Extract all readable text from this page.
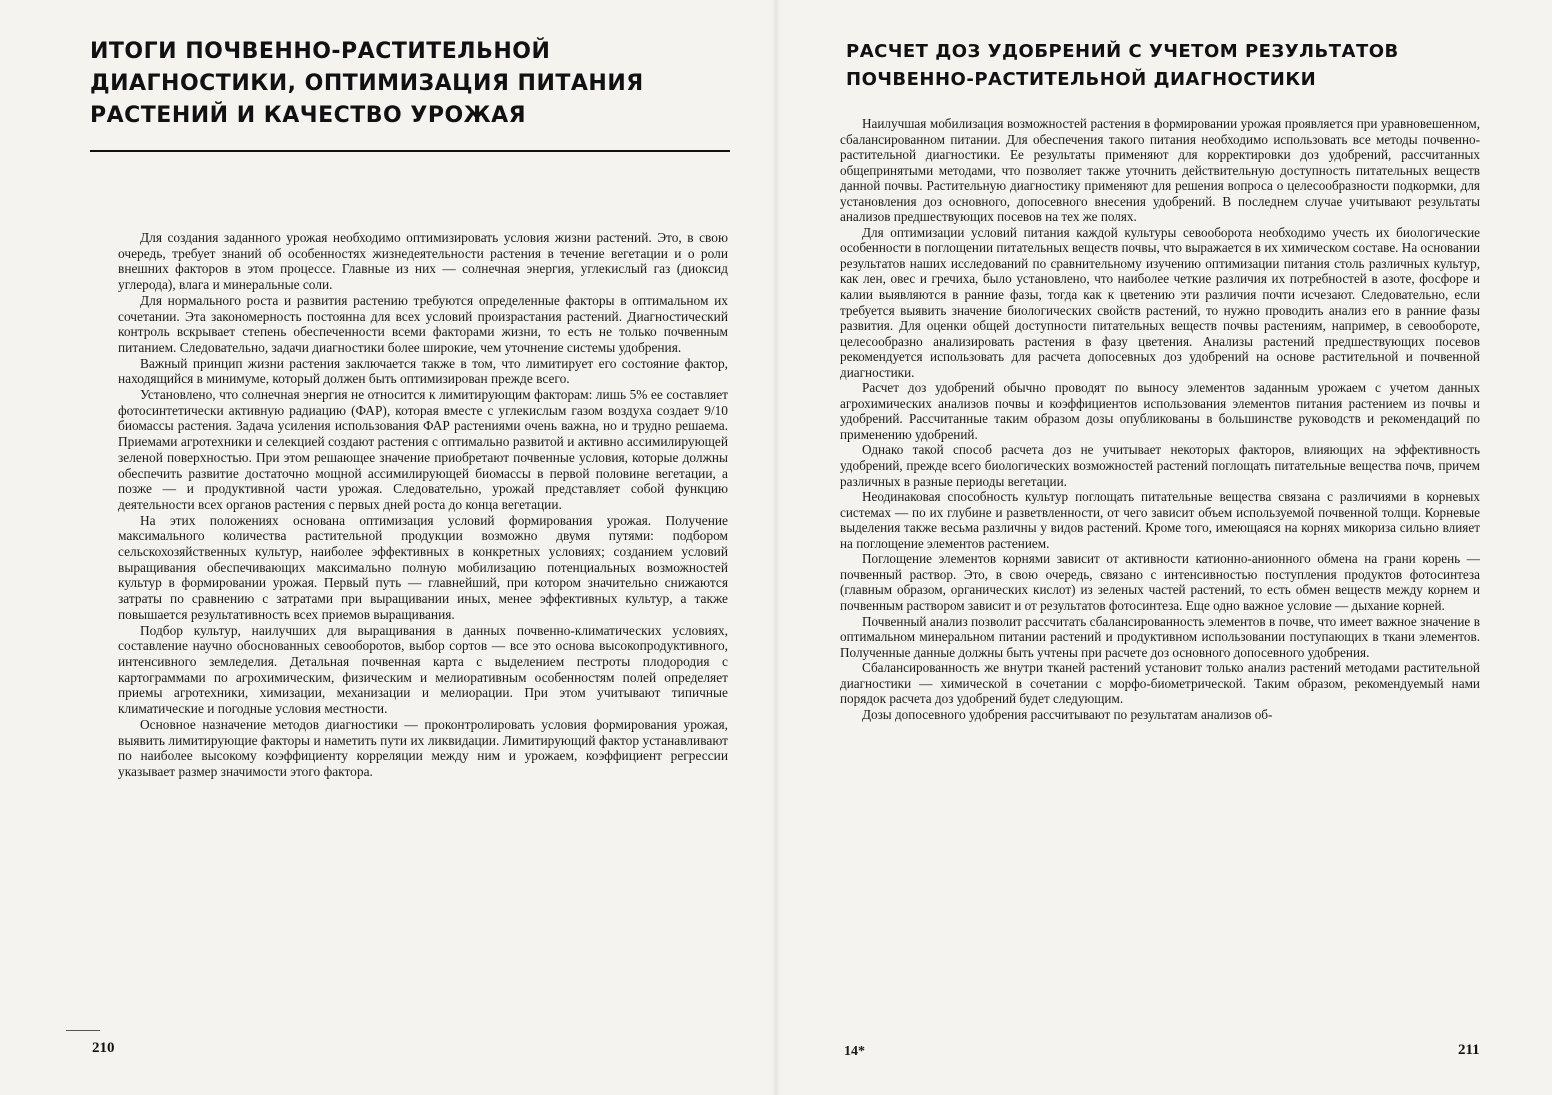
ИТОГИ ПОЧВЕННО-РАСТИТЕЛЬНОЙ ДИАГНОСТИКИ, ОПТИМИЗАЦИЯ ПИТАНИЯ РАСТЕНИЙ И КАЧЕСТВО УРОЖАЯ

Для создания заданного урожая необходимо оптимизировать условия жизни растений. Это, в свою очередь, требует знаний об особенностях жизнедеятельности растения в течение вегетации и о роли внешних факторов в этом процессе. Главные из них — солнечная энергия, углекислый газ (диоксид углерода), влага и минеральные соли.

Для нормального роста и развития растению требуются определенные факторы в оптимальном их сочетании. Эта закономерность постоянна для всех условий произрастания растений. Диагностический контроль вскрывает степень обеспеченности всеми факторами жизни, то есть не только почвенным питанием. Следовательно, задачи диагностики более широкие, чем уточнение системы удобрения.

Важный принцип жизни растения заключается также в том, что лимитирует его состояние фактор, находящийся в минимуме, который должен быть оптимизирован прежде всего.

Установлено, что солнечная энергия не относится к лимитирующим факторам: лишь 5% ее составляет фотосинтетически активную радиацию (ФАР), которая вместе с углекислым газом воздуха создает 9/10 биомассы растения. Задача усиления использования ФАР растениями очень важна, но и трудно решаема. Приемами агротехники и селекцией создают растения с оптимально развитой и активно ассимилирующей зеленой поверхностью. При этом решающее значение приобретают почвенные условия, которые должны обеспечить развитие достаточно мощной ассимилирующей биомассы в первой половине вегетации, а позже — и продуктивной части урожая. Следовательно, урожай представляет собой функцию деятельности всех органов растения с первых дней роста до конца вегетации.

На этих положениях основана оптимизация условий формирования урожая. Получение максимального количества растительной продукции возможно двумя путями: подбором сельскохозяйственных культур, наиболее эффективных в конкретных условиях; созданием условий выращивания обеспечивающих максимально полную мобилизацию потенциальных возможностей культур в формировании урожая. Первый путь — главнейший, при котором значительно снижаются затраты по сравнению с затратами при выращивании иных, менее эффективных культур, а также повышается результативность всех приемов выращивания.

Подбор культур, наилучших для выращивания в данных почвенно-климатических условиях, составление научно обоснованных севооборотов, выбор сортов — все это основа высокопродуктивного, интенсивного земледелия. Детальная почвенная карта с выделением пестроты плодородия с картограммами по агрохимическим, физическим и мелиоративным особенностям полей определяет приемы агротехники, химизации, механизации и мелиорации. При этом учитывают типичные климатические и погодные условия местности.

Основное назначение методов диагностики — проконтролировать условия формирования урожая, выявить лимитирующие факторы и наметить пути их ликвидации. Лимитирующий фактор устанавливают по наиболее высокому коэффициенту корреляции между ним и урожаем, коэффициент регрессии указывает размер значимости этого фактора.

210
РАСЧЕТ ДОЗ УДОБРЕНИЙ С УЧЕТОМ РЕЗУЛЬТАТОВ ПОЧВЕННО-РАСТИТЕЛЬНОЙ ДИАГНОСТИКИ

Наилучшая мобилизация возможностей растения в формировании урожая проявляется при уравновешенном, сбалансированном питании. Для обеспечения такого питания необходимо использовать все методы почвенно-растительной диагностики. Ее результаты применяют для корректировки доз удобрений, рассчитанных общепринятыми методами, что позволяет также уточнить действительную доступность питательных веществ данной почвы. Растительную диагностику применяют для решения вопроса о целесообразности подкормки, для установления доз основного, допосевного внесения удобрений. В последнем случае учитывают результаты анализов предшествующих посевов на тех же полях.

Для оптимизации условий питания каждой культуры севооборота необходимо учесть их биологические особенности в поглощении питательных веществ почвы, что выражается в их химическом составе. На основании результатов наших исследований по сравнительному изучению оптимизации питания столь различных культур, как лен, овес и гречиха, было установлено, что наиболее четкие различия их потребностей в азоте, фосфоре и калии выявляются в ранние фазы, тогда как к цветению эти различия почти исчезают. Следовательно, если требуется выявить значение биологических свойств растений, то нужно проводить анализ его в ранние фазы развития. Для оценки общей доступности питательных веществ почвы растениям, например, в севообороте, целесообразно анализировать растения в фазу цветения. Анализы растений предшествующих посевов рекомендуется использовать для расчета допосевных доз удобрений на основе растительной и почвенной диагностики.

Расчет доз удобрений обычно проводят по выносу элементов заданным урожаем с учетом данных агрохимических анализов почвы и коэффициентов использования элементов питания растением из почвы и удобрений. Рассчитанные таким образом дозы опубликованы в большинстве руководств и рекомендаций по применению удобрений.

Однако такой способ расчета доз не учитывает некоторых факторов, влияющих на эффективность удобрений, прежде всего биологических возможностей растений поглощать питательные вещества почв, причем различных в разные периоды вегетации.

Неодинаковая способность культур поглощать питательные вещества связана с различиями в корневых системах — по их глубине и разветвленности, от чего зависит объем используемой почвенной толщи. Корневые выделения также весьма различны у видов растений. Кроме того, имеющаяся на корнях микориза сильно влияет на поглощение элементов растением.

Поглощение элементов корнями зависит от активности катионно-анионного обмена на грани корень — почвенный раствор. Это, в свою очередь, связано с интенсивностью поступления продуктов фотосинтеза (главным образом, органических кислот) из зеленых частей растений, то есть обмен веществ между корнем и почвенным раствором зависит и от результатов фотосинтеза. Еще одно важное условие — дыхание корней.

Почвенный анализ позволит рассчитать сбалансированность элементов в почве, что имеет важное значение в оптимальном минеральном питании растений и продуктивном использовании поступающих в ткани элементов. Полученные данные должны быть учтены при расчете доз основного допосевного удобрения.

Сбалансированность же внутри тканей растений установит только анализ растений методами растительной диагностики — химической в сочетании с морфо-биометрической. Таким образом, рекомендуемый нами порядок расчета доз удобрений будет следующим.

Дозы допосевного удобрения рассчитывают по результатам анализов об-

14*	211
